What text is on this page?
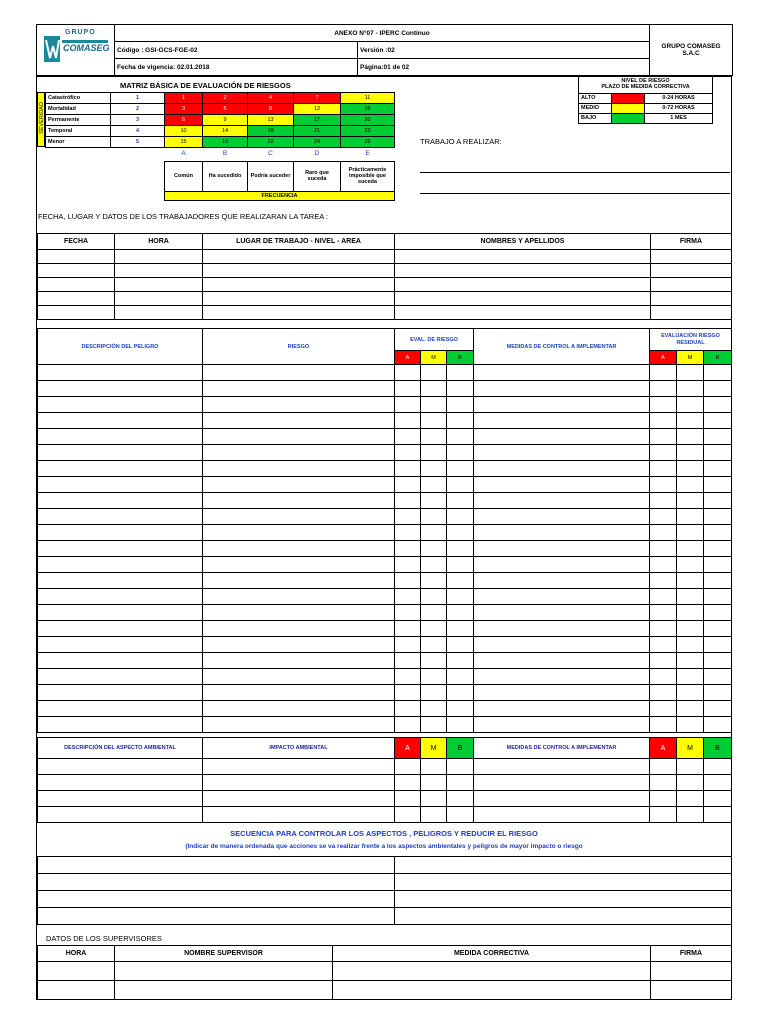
GRUPO
COMASEG	ANEXO N°07 - IPERC Continuo		GRUPO COMASEG
S.A.C
	Código : GSI-GCS-FGE-02	Versión :02	
	Fecha de vigencia: 02.01.2018	Página:01 de 02	
MATRIZ BÁSICA DE EVALUACIÓN DE RIESGOS
SEVERIDAD
Catastrófico	1	1	2	4	7	11
Mortalidad	2	3	5	8	12	16
Permanente	3	6	9	13	17	20
Temporal	4	10	14	18	21	23
Menor	5	15	19	22	24	25
A	B	C	D	E
Común	Ha sucedido	Podría suceder	Raro que suceda	Prácticamente imposible que suceda
FRECUENCIA				
NIVEL DE RIESGO
PLAZO DE MEDIDA CORRECTIVA		
ALTO		0-24 HORAS
MEDIO		0-72 HORAS
BAJO		1 MES
TRABAJO A REALIZAR:
FECHA, LUGAR Y DATOS DE LOS TRABAJADORES QUE REALIZARAN LA TAREA :
FECHA	HORA	LUGAR DE TRABAJO - NIVEL - AREA	NOMBRES Y APELLIDOS	FIRMA

DESCRIPCIÓN DEL PELIGRO	RIESGO	EVAL. DE RIESGO			MEDIDAS DE CONTROL A IMPLEMENTAR	EVALUACIÓN RIESGO RESIDUAL		
		A	M	B		A	M	B

DESCRIPCIÓN DEL ASPECTO AMBIENTAL	IMPACTO AMBIENTAL	A	M	B	MEDIDAS DE CONTROL A IMPLEMENTAR	A	M	B

SECUENCIA PARA CONTROLAR LOS ASPECTOS , PELIGROS Y REDUCIR EL RIESGO
(Indicar de manera ordenada que acciones se va realizar frente a los aspectos ambientales y peligros de mayor impacto o riesgo

DATOS DE LOS SUPERVISORES
HORA	NOMBRE SUPERVISOR	MEDIDA CORRECTIVA	FIRMA
